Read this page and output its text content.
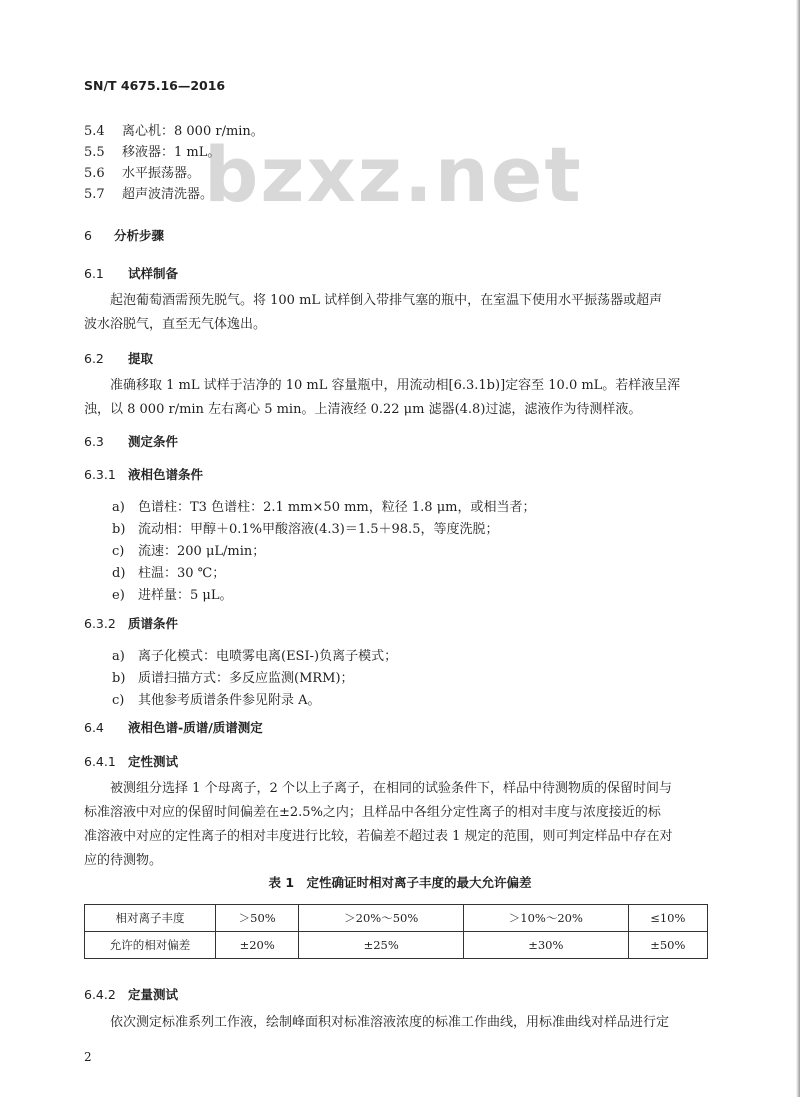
SN/T 4675.16—2016
bzxz.net
5.4 离心机：8 000 r/min。
5.5 移液器：1 mL。
5.6 水平振荡器。
5.7 超声波清洗器。
6 分析步骤
6.1 试样制备
起泡葡萄酒需预先脱气。将 100 mL 试样倒入带排气塞的瓶中，在室温下使用水平振荡器或超声
波水浴脱气，直至无气体逸出。
6.2 提取
准确移取 1 mL 试样于洁净的 10 mL 容量瓶中，用流动相[6.3.1b)]定容至 10.0 mL。若样液呈浑
浊，以 8 000 r/min 左右离心 5 min。上清液经 0.22 μm 滤器(4.8)过滤，滤液作为待测样液。
6.3 测定条件
6.3.1 液相色谱条件
a) 色谱柱：T3 色谱柱：2.1 mm×50 mm，粒径 1.8 μm，或相当者；
b) 流动相：甲醇＋0.1%甲酸溶液(4.3)＝1.5＋98.5，等度洗脱；
c) 流速：200 μL/min；
d) 柱温：30 ℃；
e) 进样量：5 μL。
6.3.2 质谱条件
a) 离子化模式：电喷雾电离(ESI-)负离子模式；
b) 质谱扫描方式：多反应监测(MRM)；
c) 其他参考质谱条件参见附录 A。
6.4 液相色谱-质谱/质谱测定
6.4.1 定性测试
被测组分选择 1 个母离子，2 个以上子离子，在相同的试验条件下，样品中待测物质的保留时间与
标准溶液中对应的保留时间偏差在±2.5%之内；且样品中各组分定性离子的相对丰度与浓度接近的标
准溶液中对应的定性离子的相对丰度进行比较，若偏差不超过表 1 规定的范围，则可判定样品中存在对
应的待测物。
表 1　定性确证时相对离子丰度的最大允许偏差
相对离子丰度	＞50%	＞20%～50%	＞10%～20%	≤10%
允许的相对偏差	±20%	±25%	±30%	±50%
6.4.2 定量测试
依次测定标准系列工作液，绘制峰面积对标准溶液浓度的标准工作曲线，用标准曲线对样品进行定
2
